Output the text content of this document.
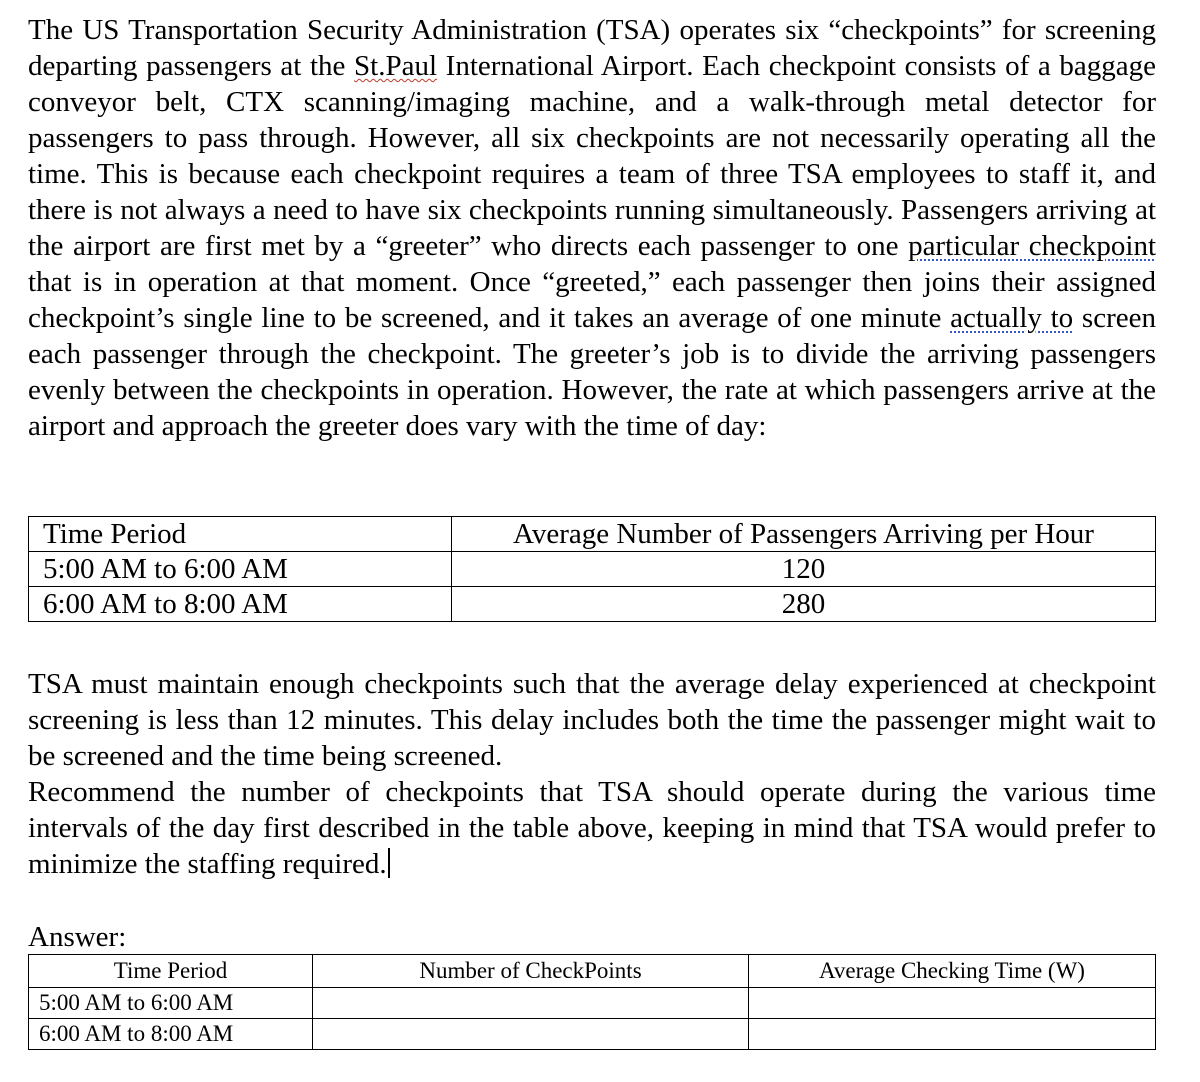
The US Transportation Security Administration (TSA) operates six “checkpoints” for screening departing passengers at the St.Paul International Airport. Each checkpoint consists of a baggage conveyor belt, CTX scanning/imaging machine, and a walk-through metal detector for passengers to pass through. However, all six checkpoints are not necessarily operating all the time. This is because each checkpoint requires a team of three TSA employees to staff it, and there is not always a need to have six checkpoints running simultaneously. Passengers arriving at the airport are first met by a “greeter” who directs each passenger to one particular checkpoint that is in operation at that moment. Once “greeted,” each passenger then joins their assigned checkpoint’s single line to be screened, and it takes an average of one minute actually to screen each passenger through the checkpoint. The greeter’s job is to divide the arriving passengers evenly between the checkpoints in operation. However, the rate at which passengers arrive at the airport and approach the greeter does vary with the time of day:

Time Period	Average Number of Passengers Arriving per Hour
5:00 AM to 6:00 AM	120
6:00 AM to 8:00 AM	280

TSA must maintain enough checkpoints such that the average delay experienced at checkpoint screening is less than 12 minutes. This delay includes both the time the passenger might wait to be screened and the time being screened.

Recommend the number of checkpoints that TSA should operate during the various time intervals of the day first described in the table above, keeping in mind that TSA would prefer to minimize the staffing required.

Answer:
Time Period	Number of CheckPoints	Average Checking Time (W)
5:00 AM to 6:00 AM		
6:00 AM to 8:00 AM		
